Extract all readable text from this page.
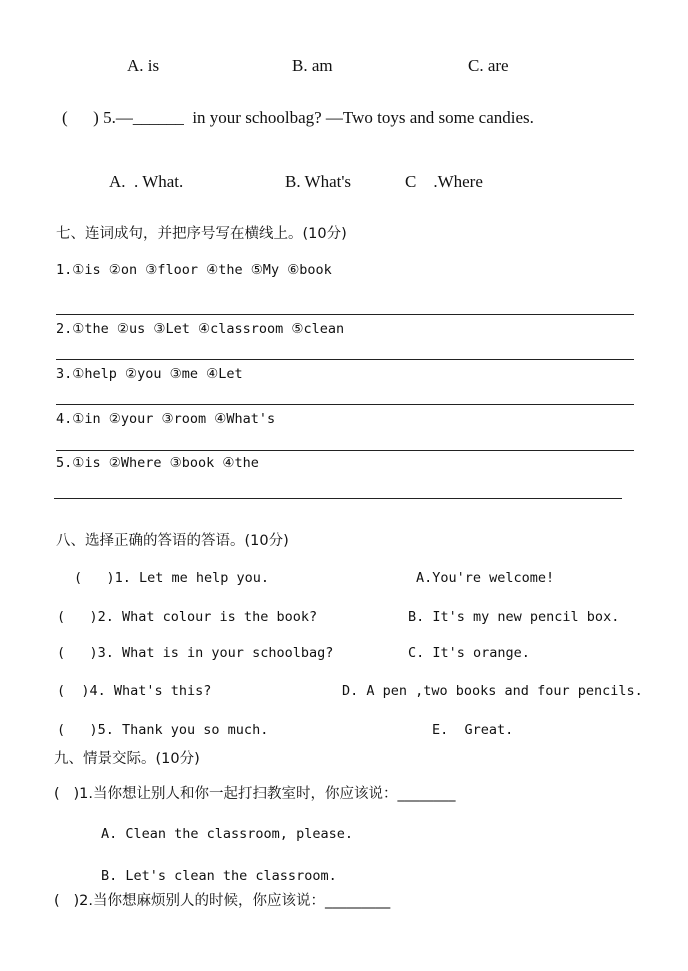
A. is	B. am	C. are
(      ) 5.—______  in your schoolbag? —Two toys and some candies.
A.  . What.	B. What's	C    .Where
七、连词成句，并把序号写在横线上。(10分)
1.①is ②on ③floor ④the ⑤My ⑥book
2.①the ②us ③Let ④classroom ⑤clean
3.①help ②you ③me ④Let
4.①in ②your ③room ④What's
5.①is ②Where ③book ④the
八、选择正确的答语的答语。(10分)
(   )1. Let me help you.	A.You're welcome!
(   )2. What colour is the book?	B. It's my new pencil box.
(   )3. What is in your schoolbag?	C. It's orange.
(  )4. What's this?	D. A pen ,two books and four pencils.
(   )5. Thank you so much.	E.  Great.
九、情景交际。(10分)
(   )1.当你想让别人和你一起打扫教室时，你应该说：________
A. Clean the classroom, please.
B. Let's clean the classroom.
(   )2.当你想麻烦别人的时候，你应该说：_________
